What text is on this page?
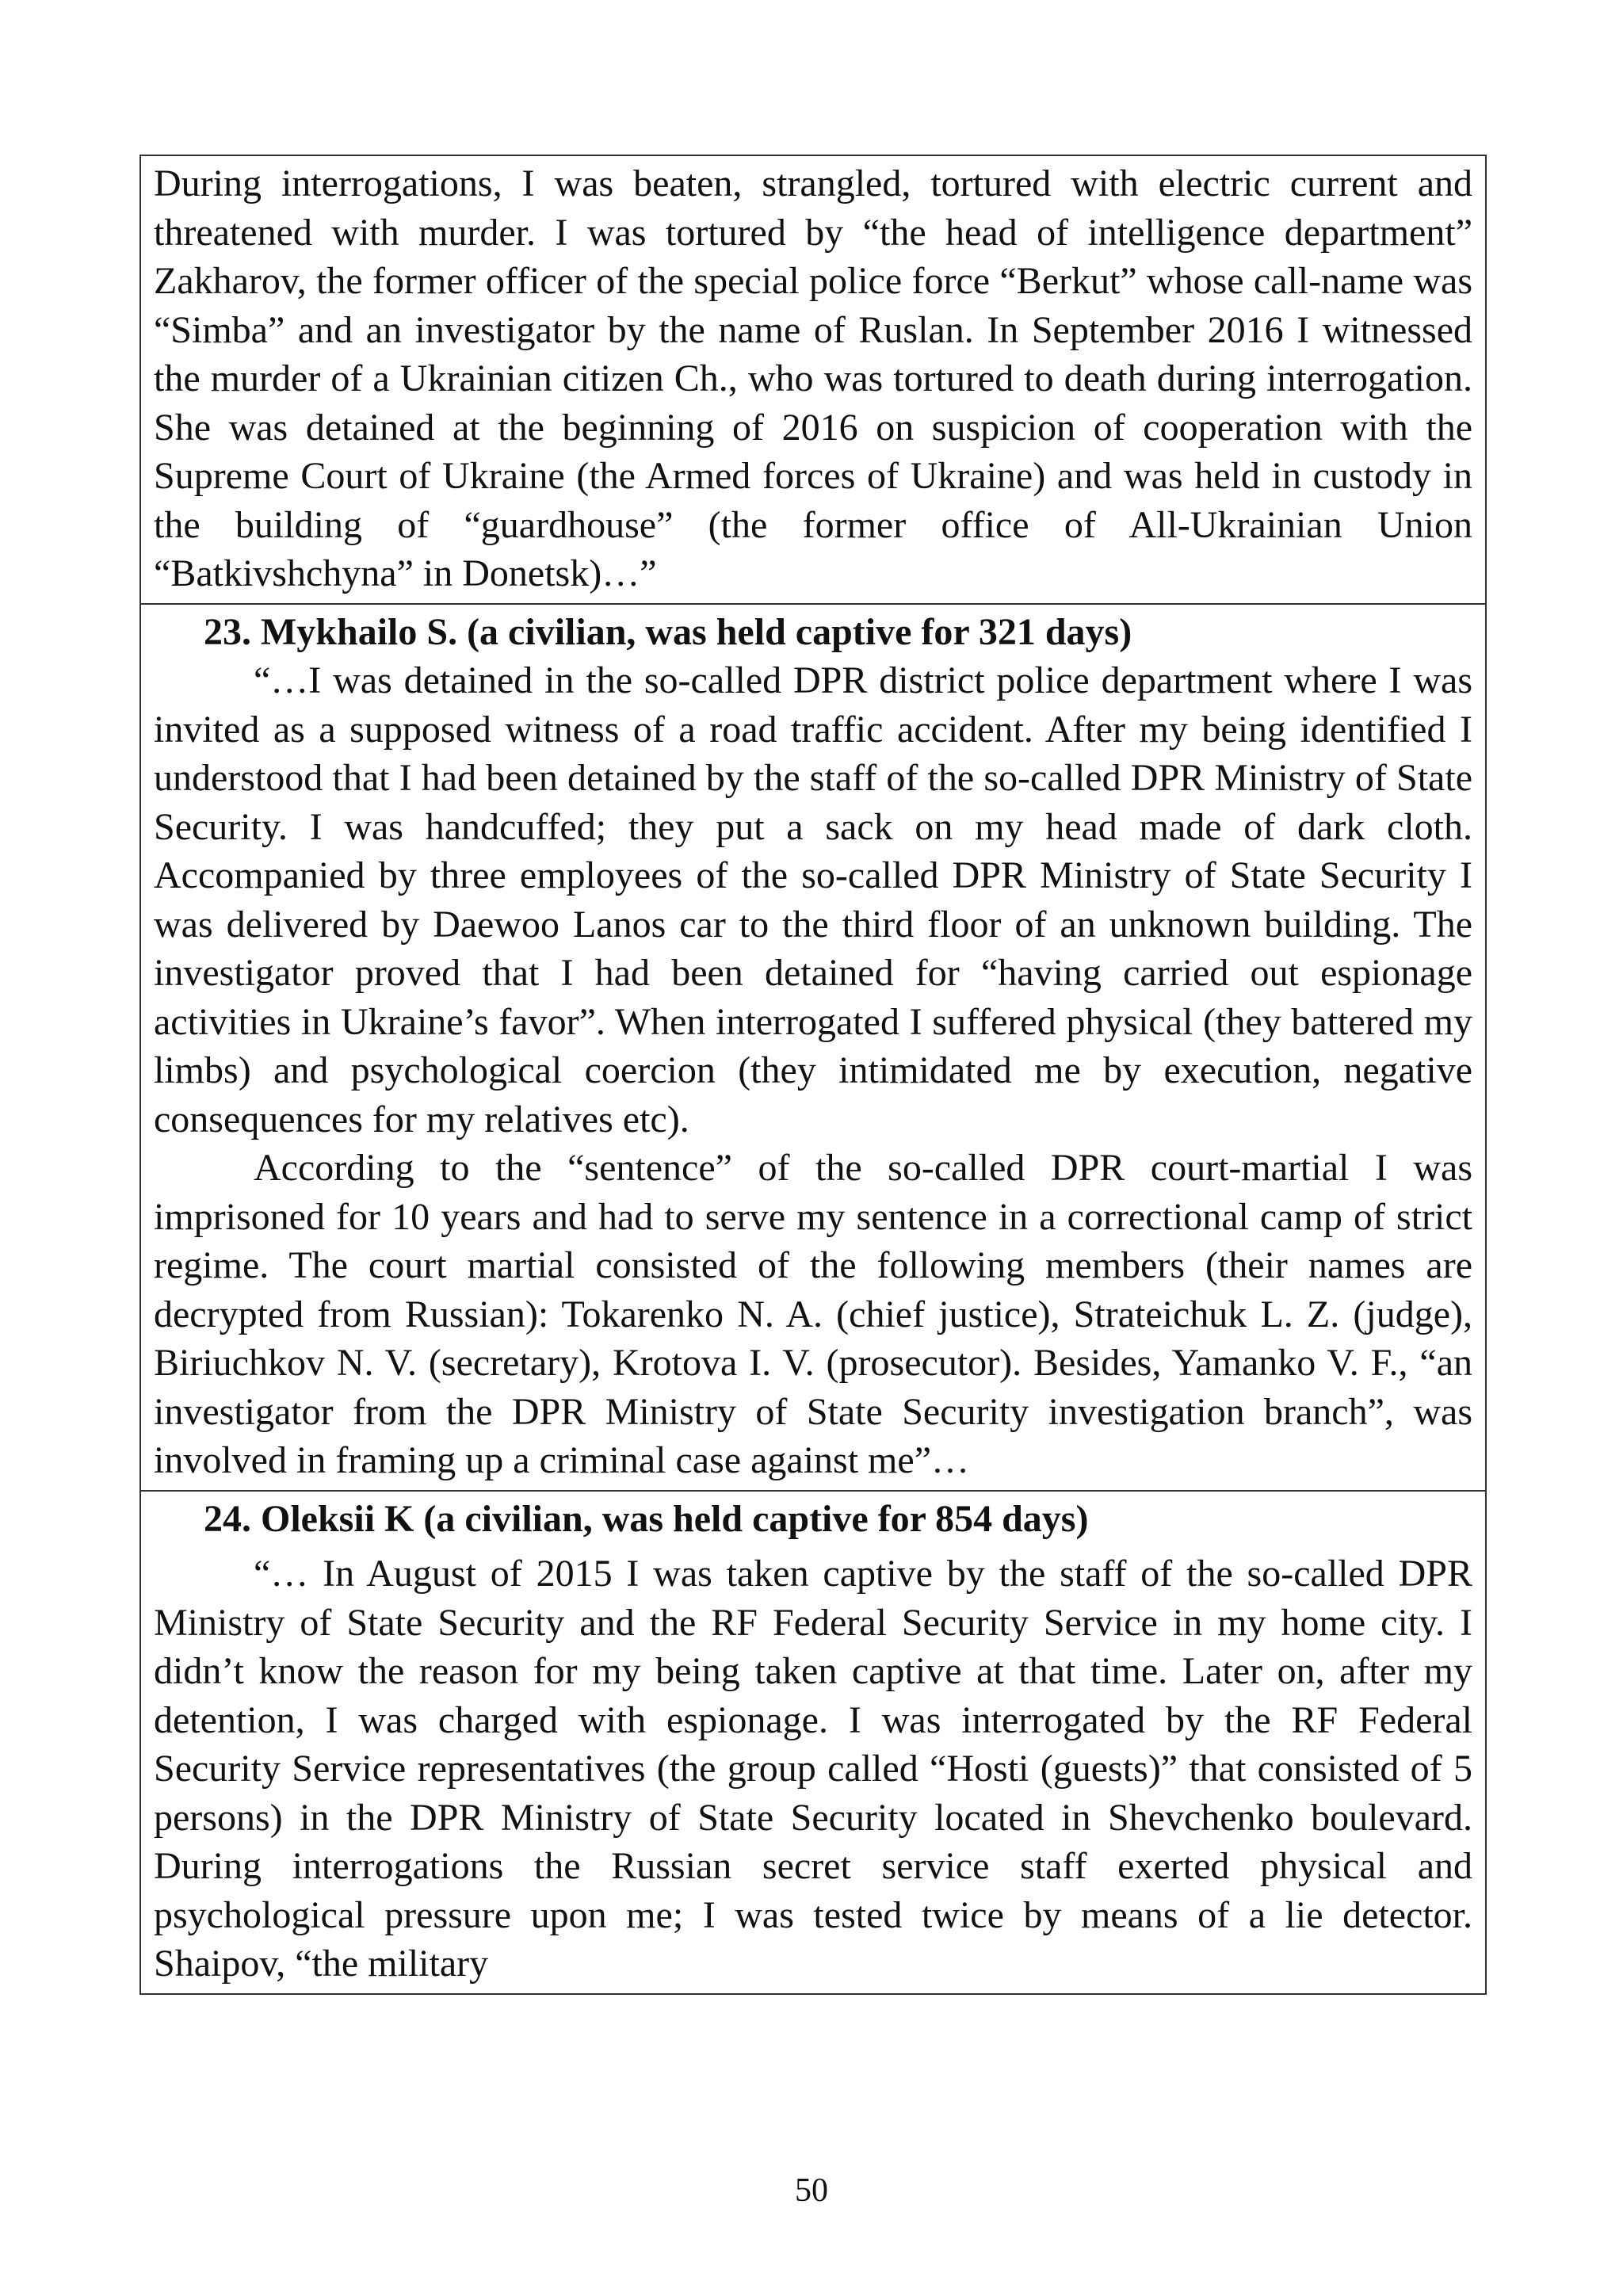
During interrogations, I was beaten, strangled, tortured with electric current and threatened with murder. I was tortured by “the head of intelligence department” Zakharov, the former officer of the special police force “Berkut” whose call-name was “Simba” and an investigator by the name of Ruslan. In September 2016 I witnessed the murder of a Ukrainian citizen Ch., who was tortured to death during interrogation. She was detained at the beginning of 2016 on suspicion of cooperation with the Supreme Court of Ukraine (the Armed forces of Ukraine) and was held in custody in the building of “guardhouse” (the former office of All-Ukrainian Union “Batkivshchyna” in Donetsk)…”

23. Mykhailo S. (a civilian, was held captive for 321 days)

“…I was detained in the so-called DPR district police department where I was invited as a supposed witness of a road traffic accident. After my being identified I understood that I had been detained by the staff of the so-called DPR Ministry of State Security. I was handcuffed; they put a sack on my head made of dark cloth. Accompanied by three employees of the so-called DPR Ministry of State Security I was delivered by Daewoo Lanos car to the third floor of an unknown building. The investigator proved that I had been detained for “having carried out espionage activities in Ukraine’s favor”. When interrogated I suffered physical (they battered my limbs) and psychological coercion (they intimidated me by execution, negative consequences for my relatives etc).

According to the “sentence” of the so-called DPR court-martial I was imprisoned for 10 years and had to serve my sentence in a correctional camp of strict regime. The court martial consisted of the following members (their names are decrypted from Russian): Tokarenko N. A. (chief justice), Strateichuk L. Z. (judge), Biriuchkov N. V. (secretary), Krotova I. V. (prosecutor). Besides, Yamanko V. F., “an investigator from the DPR Ministry of State Security investigation branch”, was involved in framing up a criminal case against me”…

24. Oleksii K (a civilian, was held captive for 854 days)

“… In August of 2015 I was taken captive by the staff of the so-called DPR Ministry of State Security and the RF Federal Security Service in my home city. I didn’t know the reason for my being taken captive at that time. Later on, after my detention, I was charged with espionage. I was interrogated by the RF Federal Security Service representatives (the group called “Hosti (guests)” that consisted of 5 persons) in the DPR Ministry of State Security located in Shevchenko boulevard. During interrogations the Russian secret service staff exerted physical and psychological pressure upon me; I was tested twice by means of a lie detector. Shaipov, “the military

50
